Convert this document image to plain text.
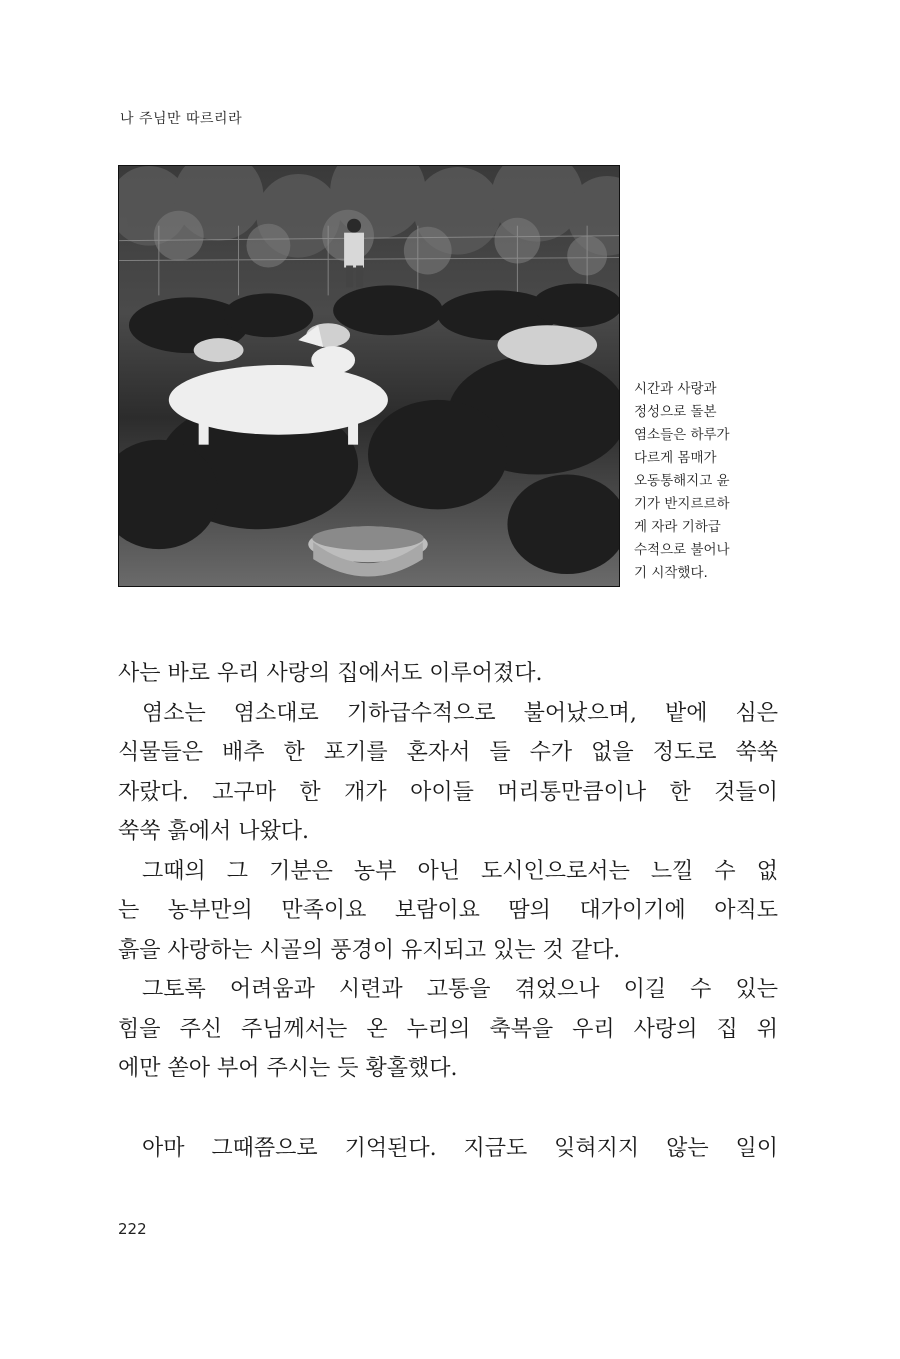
나 주님만 따르리라
시간과 사랑과
정성으로 돌본
염소들은 하루가
다르게 몸매가
오동통해지고 윤
기가 반지르르하
게 자라 기하급
수적으로 불어나
기 시작했다.
사는 바로 우리 사랑의 집에서도 이루어졌다.
염소는 염소대로 기하급수적으로 불어났으며, 밭에 심은
식물들은 배추 한 포기를 혼자서 들 수가 없을 정도로 쑥쑥
자랐다. 고구마 한 개가 아이들 머리통만큼이나 한 것들이
쑥쑥 흙에서 나왔다.
그때의 그 기분은 농부 아닌 도시인으로서는 느낄 수 없
는 농부만의 만족이요 보람이요 땀의 대가이기에 아직도
흙을 사랑하는 시골의 풍경이 유지되고 있는 것 같다.
그토록 어려움과 시련과 고통을 겪었으나 이길 수 있는
힘을 주신 주님께서는 온 누리의 축복을 우리 사랑의 집 위
에만 쏟아 부어 주시는 듯 황홀했다.
아마 그때쯤으로 기억된다. 지금도 잊혀지지 않는 일이
222
